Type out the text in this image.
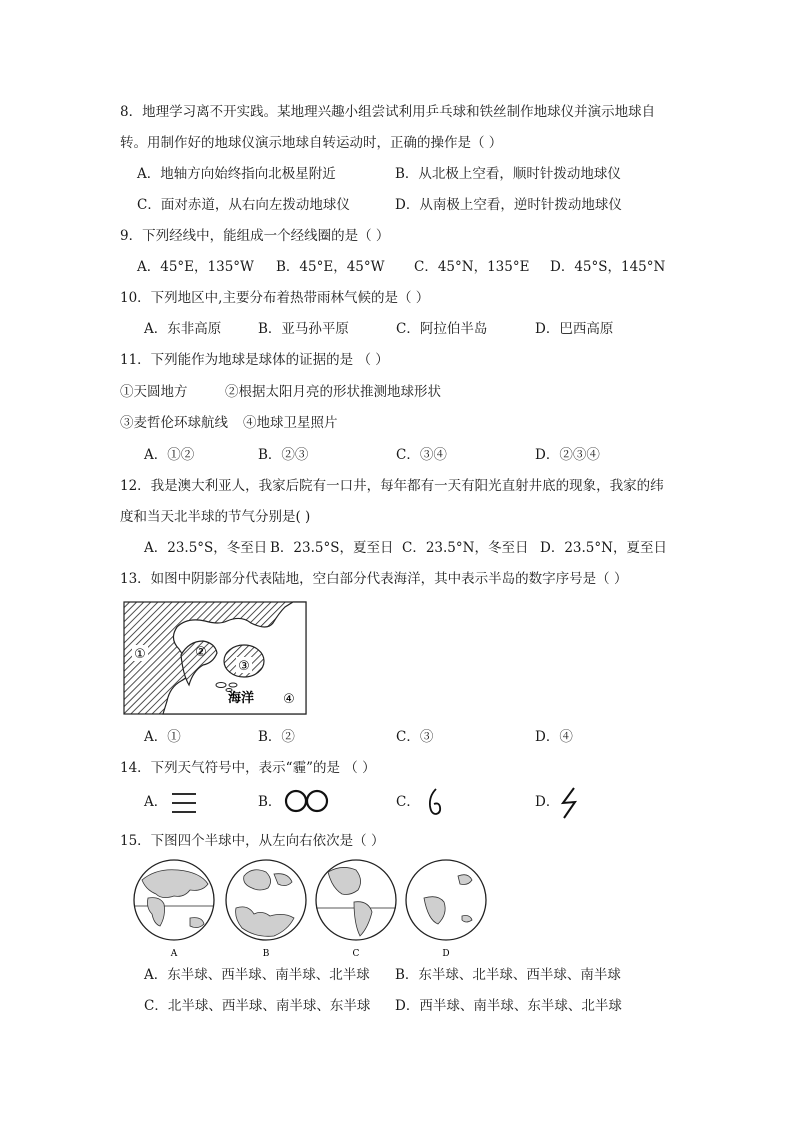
8．地理学习离不开实践。某地理兴趣小组尝试利用乒乓球和铁丝制作地球仪并演示地球自
转。用制作好的地球仪演示地球自转运动时，正确的操作是（ ）
A．地轴方向始终指向北极星附近	B．从北极上空看，顺时针拨动地球仪
C．面对赤道，从右向左拨动地球仪	D．从南极上空看，逆时针拨动地球仪
9．下列经线中，能组成一个经线圈的是（ ）
A．45°E，135°W B．45°E，45°W C．45°N，135°E D．45°S，145°N
10．下列地区中,主要分布着热带雨林气候的是（ ）
A．东非高原	B．亚马孙平原	C．阿拉伯半岛	D．巴西高原
11．下列能作为地球是球体的证据的是 （ ）
①天圆地方	②根据太阳月亮的形状推测地球形状
③麦哲伦环球航线 ④地球卫星照片
A．①②	B．②③	C．③④	D．②③④
12．我是澳大利亚人，我家后院有一口井，每年都有一天有阳光直射井底的现象，我家的纬
度和当天北半球的节气分别是( )
A．23.5°S，冬至日 B．23.5°S，夏至日 C．23.5°N，冬至日 D．23.5°N，夏至日
13．如图中阴影部分代表陆地，空白部分代表海洋，其中表示半岛的数字序号是（ ）
①	②
③
海洋 ④
A．①	B．②	C．③	D．④
14．下列天气符号中，表示“霾”的是 （ ）
A．	B．	C．	D．
15．下图四个半球中，从左向右依次是（ ）
A	B	C	D
A．东半球、西半球、南半球、北半球 B．东半球、北半球、西半球、南半球
C．北半球、西半球、南半球、东半球 D．西半球、南半球、东半球、北半球
